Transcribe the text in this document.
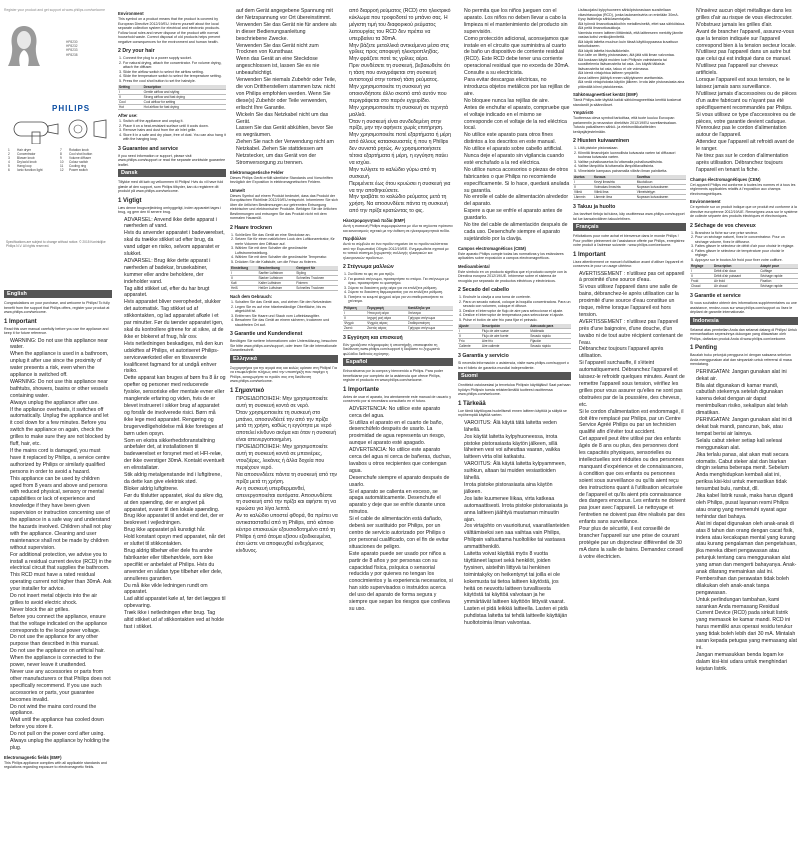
Register your product and get support at www.philips.com/welcome
HP8230
HP8232
HP8233
HP8238
PHILIPS
1	Hair dryer	7	Rotation knob
2	Concentrator	8	Cool shot button
3	Blower knob	9	Volume diffuser
4	Dry/cold knob	10	Colour switch
5	Hang loop	11	Cooling ring
6	Ionic function light	12	Power switch
Specifications are subject to change without notice. © 2015 Koninklijke Philips N.V. All rights reserved.
English

Congratulations on your purchase, and welcome to Philips! To fully benefit from the support that Philips offers, register your product at www.philips.com/welcome.

1 Important

Read this user manual carefully before you use the appliance and keep it for future reference.

• WARNING: Do not use this appliance near water.
• When the appliance is used in a bathroom, unplug it after use since the proximity of water presents a risk, even when the appliance is switched off.
• WARNING: Do not use this appliance near bathtubs, showers, basins or other vessels containing water.
• Always unplug the appliance after use.
• If the appliance overheats, it switches off automatically. Unplug the appliance and let it cool down for a few minutes. Before you switch the appliance on again, check the grilles to make sure they are not blocked by fluff, hair, etc.
• If the mains cord is damaged, you must have it replaced by Philips, a service centre authorized by Philips or similarly qualified persons in order to avoid a hazard.
• This appliance can be used by children aged from 8 years and above and persons with reduced physical, sensory or mental capabilities or lack of experience and knowledge if they have been given supervision or instruction concerning use of the appliance in a safe way and understand the hazards involved. Children shall not play with the appliance. Cleaning and user maintenance shall not be made by children without supervision.
• For additional protection, we advise you to install a residual current device (RCD) in the electrical circuit that supplies the bathroom. This RCD must have a rated residual operating current not higher than 30mA. Ask your installer for advice.
• Do not insert metal objects into the air grilles to avoid electric shock.
• Never block the air grilles.
• Before you connect the appliance, ensure that the voltage indicated on the appliance corresponds to the local power voltage.
• Do not use the appliance for any other purpose than described in this manual.
• Do not use the appliance on artificial hair.
• When the appliance is connected to the power, never leave it unattended.
• Never use any accessories or parts from other manufacturers or that Philips does not specifically recommend. If you use such accessories or parts, your guarantee becomes invalid.
• Do not wind the mains cord round the appliance.
• Wait until the appliance has cooled down before you store it.
• Do not pull on the power cord after using. Always unplug the appliance by holding the plug.
Electromagnetic fields (EMF)

This Philips appliance complies with all applicable standards and regulations regarding exposure to electromagnetic fields.

Environment

This symbol on a product means that the product is covered by European Directive 2012/19/EU. Inform yourself about the local separate collection system for electrical and electronic products. Follow local rules and never dispose of the product with normal household waste. Correct disposal of old products helps prevent negative consequences for the environment and human health.

2 Dry your hair
1. Connect the plug to a power supply socket.
2. For natural drying, attach the concentrator. For volume drying, attach the diffuser.
3. Slide the airflow switch to select the airflow setting.
4. Slide the temperature switch to select the temperature setting.
5. Press the cool shot button to set the hairstyle.
Setting	Description
I	Gentle airflow and styling
II	Strong airflow and fast drying
Cool	Cool airflow for setting
Hot	Hot airflow for fast drying
After use:
1. Switch off the appliance and unplug it.
2. Place it on a heat-resistant surface until it cools down.
3. Remove hairs and dust from the air inlet grille.
4. Store it in a safe and dry place, free of dust. You can also hang it with the hanging loop.
3 Guarantee and service

If you need information or support, please visit www.philips.com/support or read the separate worldwide guarantee leaflet.

Dansk

Tillykke med dit køb og velkommen til Philips! Hvis du vil have fuld glæde af den support, som Philips tilbyder, kan du registrere dit produkt på www.philips.com/welcome.

1 Vigtigt

Læs denne brugsvejledning omhyggeligt, inden apparatet tages i brug, og gem den til senere brug.

• ADVARSEL: Anvend ikke dette apparat i nærheden af vand.
• Hvis du anvender apparatet i badeværelset, skal du trække stikket ud efter brug, da vand udgør en risiko, selvom apparatet er slukket.
• ADVARSEL: Brug ikke dette apparat i nærheden af badekar, brusekabiner, kummer eller andre beholdere, der indeholder vand.
• Tag altid stikket ud, efter du har brugt apparatet.
• Hvis apparatet bliver overophedet, slukker det automatisk. Tag stikket ud af stikkontakten, og lad apparatet afkøle i et par minutter. Før du tænder apparatet igen, skal du kontrollere gitrene for at sikre, at de ikke er blokeret af fnug, hår osv.
• Hvis netledningen beskadiges, må den kun udskiftes af Philips, et autoriseret Philips-serviceværksted eller en tilsvarende kvalificeret fagmand for at undgå enhver risiko.
• Dette apparat kan bruges af børn fra 8 år og opefter og personer med reducerede fysiske, sensoriske eller mentale evner eller manglende erfaring og viden, hvis de er blevet instrueret i sikker brug af apparatet og forstår de involverede risici. Børn må ikke lege med apparatet. Rengøring og brugervedligeholdelse må ikke foretages af børn uden opsyn.
• Som en ekstra sikkerhedsforanstaltning anbefaler det, at installationen til badeværelset er forsynet med et HFI-relæ, der ikke overstiger 30mA. Kontakt eventuelt en elinstallatør.
• Stik aldrig metalgenstande ind i luftgitrene, da dette kan give elektrisk stød.
• Bloker aldrig luftgitrene.
• Før du tilslutter apparatet, skal du sikre dig, at den spænding, der er angivet på apparatet, svarer til den lokale spænding.
• Brug ikke apparatet til andet end det, der er beskrevet i vejledningen.
• Brug ikke apparatet på kunstigt hår.
• Hold konstant opsyn med apparatet, når det er sluttet til stikkontakten.
• Brug aldrig tilbehør eller dele fra andre fabrikanter eller tilbehør/dele, som ikke specifikt er anbefalet af Philips. Hvis du anvender en sådan type tilbehør eller dele, annulleres garantien.
• Du må ikke vikle ledningen rundt om apparatet.
• Lad altid apparatet køle af, før det lægges til opbevaring.
• Træk ikke i netledningen efter brug. Tag altid stikket ud af stikkontakten ved at holde fast i stikket.
• auf dem Gerät angegebene Spannung mit der Netzspannung vor Ort übereinstimmt.
• Verwenden Sie das Gerät nie für andere als in dieser Bedienungsanleitung beschriebene Zwecke.
• Verwenden Sie das Gerät nicht zum Trocknen von Kunsthaar.
• Wenn das Gerät an eine Steckdose angeschlossen ist, lassen Sie es nie unbeaufsichtigt.
• Verwenden Sie niemals Zubehör oder Teile, die von Drittherstellern stammen bzw. nicht von Philips empfohlen werden. Wenn Sie diese(s) Zubehör oder Teile verwenden, erlischt Ihre Garantie.
• Wickeln Sie das Netzkabel nicht um das Gerät.
• Lassen Sie das Gerät abkühlen, bevor Sie es wegräumen.
• Ziehen Sie nach der Verwendung nicht am Netzkabel. Ziehen Sie stattdessen am Netzstecker, um das Gerät von der Stromversorgung zu trennen.
Elektromagnetische Felder

Dieses Philips Gerät erfüllt sämtliche Standards und Vorschriften bezüglich der Exposition in elektromagnetischen Feldern.

Umwelt

Dieses Symbol auf einem Produkt bedeutet, dass das Produkt der Europäischen Richtlinie 2012/19/EU entspricht. Informieren Sie sich über die örtlichen Bestimmungen zur getrennten Entsorgung elektrischer und elektronischer Produkte. Befolgen Sie die örtlichen Bestimmungen und entsorgen Sie das Produkt nicht mit dem normalen Hausmüll.

2 Haare trocknen
1. Schließen Sie das Gerät an eine Steckdose an.
2. Setzen Sie für einen natürlichen Look den Luftkonzentrator, für mehr Volumen den Diffusor auf.
3. Wählen Sie mit dem Schalter die gewünschte Luftstromeinstellung.
4. Wählen Sie mit dem Schalter die gewünschte Temperatur.
5. Drücken Sie die Kaltstufe, um die Frisur zu fixieren.
Einstellung	Beschreibung	Geeignet für
I	Sanfter Luftstrom	Styling
II	Starker Luftstrom	Schnelles Trocknen
Kalt	Kalter Luftstrom	Fixieren
Heiß	Heißer Luftstrom	Schnelles Trocknen
Nach dem Gebrauch:
1. Schalten Sie das Gerät aus, und ziehen Sie den Netzstecker.
2. Legen Sie es auf eine hitzebeständige Oberfläche, bis es abgekühlt ist.
3. Entfernen Sie Haare und Staub vom Lufteinlassgitter.
4. Bewahren Sie das Gerät an einem sicheren, trockenen und staubfreien Ort auf.
3 Garantie und Kundendienst

Benötigen Sie weitere Informationen oder Unterstützung, besuchen Sie bitte www.philips.com/support, oder lesen Sie die internationale Garantieschrift.

Ελληνικά

Συγχαρητήρια για την αγορά σας και καλώς ορίσατε στη Philips! Για να επωφεληθείτε πλήρως από την υποστήριξη που παρέχει η Philips, καταχωρήστε το προϊόν σας στη διεύθυνση www.philips.com/welcome.

1 Σημαντικό
• ΠΡΟΕΙΔΟΠΟΙΗΣΗ: Μην χρησιμοποιείτε αυτή τη συσκευή κοντά σε νερό.
• Όταν χρησιμοποιείτε τη συσκευή στο μπάνιο, αποσυνδέετέ την από την πρίζα μετά τη χρήση, καθώς η εγγύτητα με νερό αποτελεί κίνδυνο ακόμα και όταν η συσκευή είναι απενεργοποιημένη.
• ΠΡΟΕΙΔΟΠΟΙΗΣΗ: Μην χρησιμοποιείτε αυτή τη συσκευή κοντά σε μπανιέρες, ντουζιέρες, λεκάνες ή άλλα δοχεία που περιέχουν νερό.
• Να αποσυνδέετε πάντα τη συσκευή από την πρίζα μετά τη χρήση.
• Αν η συσκευή υπερθερμανθεί, απενεργοποιείται αυτόματα. Αποσυνδέστε τη συσκευή από την πρίζα και αφήστε τη να κρυώσει για λίγα λεπτά.
• Αν το καλώδιο υποστεί φθορά, θα πρέπει να αντικατασταθεί από τη Philips, από κάποιο κέντρο επισκευών εξουσιοδοτημένο από τη Philips ή από άτομα εξίσου εξειδικευμένα, έτσι ώστε να αποφευχθεί ενδεχόμενος κίνδυνος.
• από διαρροή ρεύματος (RCD) στο ηλεκτρικό κύκλωμα που τροφοδοτεί το μπάνιο σας. Η μέγιστη τιμή του διαφορικού ρεύματος λειτουργίας του RCD δεν πρέπει να υπερβαίνει τα 30mA.
• Μην βάζετε μεταλλικά αντικείμενα μέσα στις γρίλιες προς αποφυγή ηλεκτροπληξίας.
• Μην φράζετε ποτέ τις γρίλιες αέρα.
• Πριν συνδέσετε τη συσκευή, βεβαιωθείτε ότι η τάση που αναγράφεται στη συσκευή αντιστοιχεί στην τοπική τάση ρεύματος.
• Μην χρησιμοποιείτε τη συσκευή για οποιονδήποτε άλλο σκοπό από αυτόν που περιγράφεται στο παρόν εγχειρίδιο.
• Μην χρησιμοποιείτε τη συσκευή σε τεχνητά μαλλιά.
• Όταν η συσκευή είναι συνδεδεμένη στην πρίζα, μην την αφήνετε χωρίς επιτήρηση.
• Μην χρησιμοποιείτε ποτέ εξαρτήματα ή μέρη από άλλους κατασκευαστές ή που η Philips δεν συνιστά ρητώς. Αν χρησιμοποιήσετε τέτοια εξαρτήματα ή μέρη, η εγγύηση παύει να ισχύει.
• Μην τυλίγετε το καλώδιο γύρω από τη συσκευή.
• Περιμένετε έως ότου κρυώσει η συσκευή για να την αποθηκεύσετε.
• Μην τραβάτε το καλώδιο ρεύματος μετά τη χρήση. Να αποσυνδέετε πάντα τη συσκευή από την πρίζα κρατώντας το φις.
Ηλεκτρομαγνητικά πεδία (EMF)

Αυτή η συσκευή Philips συμμορφώνεται με όλα τα ισχύοντα πρότυπα και κανονισμούς σχετικά με την έκθεση σε ηλεκτρομαγνητικά πεδία.

Περιβάλλον

Αυτό το σύμβολο σε ένα προϊόν σημαίνει ότι το προϊόν καλύπτεται από την Ευρωπαϊκή Οδηγία 2012/19/ΕΕ. Ενημερωθείτε σχετικά με το τοπικό σύστημα ξεχωριστής συλλογής ηλεκτρικών και ηλεκτρονικών προϊόντων.

2 Στέγνωμα μαλλιών
1. Συνδέστε το φις σε μια πρίζα.
2. Για φυσικό στέγνωμα, προσαρτήστε το στόμιο. Για στέγνωμα με όγκο, προσαρτήστε το φυσητήρα.
3. Σύρετε το διακόπτη ροής αέρα για να επιλέξετε ρύθμιση.
4. Σύρετε το διακόπτη θερμοκρασίας για να επιλέξετε ρύθμιση.
5. Πατήστε το κουμπί ψυχρού αέρα για να σταθεροποιήσετε το χτένισμα.
Ρύθμιση	Περιγραφή	Κατάλληλο για
I	Ήπια ροή αέρα	Χτένισμα
II	Ισχυρή ροή αέρα	Γρήγορο στέγνωμα
Ψυχρό	Ψυχρός αέρας	Σταθεροποίηση
Ζεστό	Ζεστός αέρας	Γρήγορο στέγνωμα
3 Εγγύηση και επισκευή

Εάν χρειάζεστε πληροφορίες ή υποστήριξη, επισκεφτείτε τη διεύθυνση www.philips.com/support ή διαβάστε το ξεχωριστό φυλλάδιο διεθνούς εγγύησης.

Español

Enhorabuena por la compra y bienvenido a Philips. Para poder beneficiarse por completo de la asistencia que ofrece Philips, registre el producto en www.philips.com/welcome.

1 Importante

Antes de usar el aparato, lea atentamente este manual de usuario y consérvelo por si necesitara consultarlo en el futuro.

• ADVERTENCIA: No utilice este aparato cerca del agua.
• Si utiliza el aparato en el cuarto de baño, desenchúfelo después de usarlo. La proximidad de agua representa un riesgo, aunque el aparato esté apagado.
• ADVERTENCIA: No utilice este aparato cerca del agua ni cerca de bañeras, duchas, lavabos u otros recipientes que contengan agua.
• Desenchufe siempre el aparato después de usarlo.
• Si el aparato se calienta en exceso, se apaga automáticamente. Desenchufe el aparato y deje que se enfríe durante unos minutos.
• Si el cable de alimentación está dañado, deberá ser sustituido por Philips, por un centro de servicio autorizado por Philips o por personal cualificado, con el fin de evitar situaciones de peligro.
• Este aparato puede ser usado por niños a partir de 8 años y por personas con su capacidad física, psíquica o sensorial reducida y por quienes no tengan los conocimientos y la experiencia necesarios, si han sido supervisados o instruidos acerca del uso del aparato de forma segura y siempre que sepan los riesgos que conlleva su uso.
• No permita que los niños jueguen con el aparato. Los niños no deben llevar a cabo la limpieza ni el mantenimiento del producto sin supervisión.
• Como protección adicional, aconsejamos que instale en el circuito que suministra al cuarto de baño un dispositivo de corriente residual (RCD). Este RCD debe tener una corriente operacional residual que no exceda de 30mA. Consulte a su electricista.
• Para evitar descargas eléctricas, no introduzca objetos metálicos por las rejillas de aire.
• No bloquee nunca las rejillas de aire.
• Antes de enchufar el aparato, compruebe que el voltaje indicado en el mismo se corresponde con el voltaje de la red eléctrica local.
• No utilice este aparato para otros fines distintos a los descritos en este manual.
• No utilice el aparato sobre cabello artificial.
• Nunca deje el aparato sin vigilancia cuando esté enchufado a la red eléctrica.
• No utilice nunca accesorios o piezas de otros fabricantes o que Philips no recomiende específicamente. Si lo hace, quedará anulada su garantía.
• No enrolle el cable de alimentación alrededor del aparato.
• Espere a que se enfríe el aparato antes de guardarlo.
• No tire del cable de alimentación después de cada uso. Desenchufe siempre el aparato sujetándolo por la clavija.
Campos electromagnéticos (CEM)

Este aparato Philips cumple todas las normativas y los estándares aplicables sobre exposición a campos electromagnéticos.

Medioambiental

Este símbolo en un producto significa que el producto cumple con la Directiva europea 2012/19/UE. Infórmese sobre el sistema de recogida por separado de productos eléctricos y electrónicos.

2 Secado del cabello
1. Enchufe la clavija a una toma de corriente.
2. Para un secado natural, coloque la boquilla concentradora. Para un secado con volumen, coloque el difusor.
3. Deslice el interruptor de flujo de aire para seleccionar el ajuste.
4. Deslice el interruptor de temperatura para seleccionar el ajuste.
5. Pulse el botón de aire frío para fijar el peinado.
Ajuste	Descripción	Adecuado para
I	Flujo de aire suave	Moldeado
II	Flujo de aire fuerte	Secado rápido
Frío	Aire frío	Fijación
Caliente	Aire caliente	Secado rápido
3 Garantía y servicio

Si necesita información o asistencia, visite www.philips.com/support o lea el folleto de garantía mundial independiente.

Suomi

Onnittelut ostoksestasi ja tervetuloa Philipsin käyttäjäksi! Saat parhaan hyödyn Philipsin tuesta rekisteröimällä tuotteesi osoitteessa www.philips.com/welcome.

1 Tärkeää

Lue tämä käyttöopas huolellisesti ennen laitteen käyttöä ja säilytä se myöhempää käyttöä varten.

• VAROITUS: Älä käytä tätä laitetta veden lähellä.
• Jos käytät laitetta kylpyhuoneessa, irrota pistoke pistorasiasta käytön jälkeen, sillä läheinen vesi voi aiheuttaa vaaran, vaikka laitteen virta olisi katkaistu.
• VAROITUS: Älä käytä laitetta kylpyammeen, suihkun, altaan tai muiden vesiastioiden lähellä.
• Irrota pistoke pistorasiasta aina käytön jälkeen.
• Jos laite kuumenee liikaa, virta katkeaa automaattisesti. Irrota pistoke pistorasiasta ja anna laitteen jäähtyä muutaman minuutin ajan.
• Jos virtajohto on vaurioitunut, vaaratilanteiden välttämiseksi sen saa vaihtaa vain Philips, Philipsin valtuuttama huoltoliike tai vastaava ammattihenkilö.
• Laitetta voivat käyttää myös 8 vuotta täyttäneet lapset sekä henkilöt, joiden fyysinen, aisteihin liittyvä tai henkinen toimintakyky on heikentynyt tai joilla ei ole kokemusta tai tietoa laitteen käytöstä, jos heitä on neuvottu laitteen turvallisesta käytöstä tai käyttöä valvotaan ja he ymmärtävät laitteen käyttöön liittyvät vaarat. Lasten ei pidä leikkiä laitteella. Lasten ei pidä puhdistaa laitetta tai tehdä laitteelle käyttäjän huoltotoimia ilman valvontaa.
• Lisäsuojaksi kylpyhuoneen sähköpistorasiaan suositellaan vikavirtasuojaa (RCD), jonka laukeamisvirta on enintään 30mA. Kysy lisätietoja sähköasentajalta.
• Älä työnnä ilmanottoaukkoihin metalliesineitä, ettet saa sähköiskua.
• Älä peitä ilmanottoaukkoja.
• Varmista ennen laitteen liittämistä, että laitteeseen merkitty jännite vastaa kotisi verkkojännitettä.
• Älä käytä laitetta muuhun kuin tässä käyttöoppaassa kuvattuun tarkoitukseen.
• Älä käytä laitetta hiuslisäkkeisiin.
• Kun laite on liitetty pistorasiaan, älä jätä sitä ilman valvontaa.
• Älä koskaan käytä muiden kuin Philipsin valmistamia tai suosittelemia lisävarusteita tai osia. Jos käytät tällaisia lisävarusteita tai osia, takuu ei ole voimassa.
• Älä kierrä virtajohtoa laitteen ympärille.
• Anna laitteen jäähtyä ennen säilytykseen asettamista.
• Älä vedä virtajohdosta käytön jälkeen. Irrota laite pistorasiasta aina pitämällä kiinni pistokkeesta.
Sähkömagneettiset kentät (EMF)

Tämä Philips-laite täyttää kaikki sähkömagneettisia kenttiä koskevat standardit ja säännökset.

Ympäristö

Tuotteessa oleva symboli tarkoittaa, että tuote kuuluu Euroopan parlamentin ja neuvoston direktiivin 2012/19/EU soveltamisalaan. Tutustu paikalliseen sähkö- ja elektroniikkalaitteiden keräysjärjestelmään.

2 Hiusten kuivaaminen
1. Liitä pistoke pistorasiaan.
2. Kiinnitä ilmanohjain luonnollista kuivausta varten tai diffuusori tuuheaa kuivausta varten.
3. Valitse puhallusasetus liu'uttamalla puhallusvalitsinta.
4. Valitse lämpötila liu'uttamalla lämpötilavalitsinta.
5. Viimeistele kampaus painamalla viileän ilman painiketta.
Asetus	Kuvaus	Soveltuu
I	Kevyt ilmavirta	Muotoiluun
II	Voimakas ilmavirta	Nopeaan kuivaukseen
Viileä	Viileä ilma	Viimeistelyyn
Lämmin	Lämmin ilma	Nopeaan kuivaukseen
3 Takuu ja huolto

Jos tarvitset tietoja tai tukea, käy osoitteessa www.philips.com/support tai lue kansainvälinen takuulehtinen.

Français

Félicitations pour votre achat et bienvenue dans le monde Philips ! Pour profiter pleinement de l'assistance offerte par Philips, enregistrez votre produit à l'adresse suivante : www.philips.com/welcome.

1 Important

Lisez attentivement ce manuel d'utilisation avant d'utiliser l'appareil et conservez-le pour un usage ultérieur.

• AVERTISSEMENT : n'utilisez pas cet appareil à proximité d'une source d'eau.
• Si vous utilisez l'appareil dans une salle de bains, débranchez-le après utilisation car la proximité d'une source d'eau constitue un risque, même lorsque l'appareil est hors tension.
• AVERTISSEMENT : n'utilisez pas l'appareil près d'une baignoire, d'une douche, d'un lavabo ni de tout autre récipient contenant de l'eau.
• Débranchez toujours l'appareil après utilisation.
• Si l'appareil surchauffe, il s'éteint automatiquement. Débranchez l'appareil et laissez-le refroidir quelques minutes. Avant de remettre l'appareil sous tension, vérifiez les grilles pour vous assurer qu'elles ne sont pas obstruées par de la poussière, des cheveux, etc.
• Si le cordon d'alimentation est endommagé, il doit être remplacé par Philips, par un Centre Service Agréé Philips ou par un technicien qualifié afin d'éviter tout accident.
• Cet appareil peut être utilisé par des enfants âgés de 8 ans ou plus, des personnes dont les capacités physiques, sensorielles ou intellectuelles sont réduites ou des personnes manquant d'expérience et de connaissances, à condition que ces enfants ou personnes soient sous surveillance ou qu'ils aient reçu des instructions quant à l'utilisation sécurisée de l'appareil et qu'ils aient pris connaissance des dangers encourus. Les enfants ne doivent pas jouer avec l'appareil. Le nettoyage et l'entretien ne doivent pas être réalisés par des enfants sans surveillance.
• Pour plus de sécurité, il est conseillé de brancher l'appareil sur une prise de courant protégée par un disjoncteur différentiel de 30 mA dans la salle de bains. Demandez conseil à votre électricien.
• N'insérez aucun objet métallique dans les grilles d'air au risque de vous électrocuter.
• N'obstruez jamais les grilles d'air.
• Avant de brancher l'appareil, assurez-vous que la tension indiquée sur l'appareil correspond bien à la tension secteur locale.
• N'utilisez pas l'appareil dans un autre but que celui qui est indiqué dans ce manuel.
• N'utilisez pas l'appareil sur cheveux artificiels.
• Lorsque l'appareil est sous tension, ne le laissez jamais sans surveillance.
• N'utilisez jamais d'accessoires ou de pièces d'un autre fabricant ou n'ayant pas été spécifiquement recommandés par Philips. Si vous utilisez ce type d'accessoires ou de pièces, votre garantie devient caduque.
• N'enroulez pas le cordon d'alimentation autour de l'appareil.
• Attendez que l'appareil ait refroidi avant de le ranger.
• Ne tirez pas sur le cordon d'alimentation après utilisation. Débranchez toujours l'appareil en tenant la fiche.
Champs électromagnétiques (CEM)

Cet appareil Philips est conforme à toutes les normes et à tous les règlements applicables relatifs à l'exposition aux champs électromagnétiques.

Environnement

Ce symbole sur un produit indique que ce produit est conforme à la directive européenne 2012/19/UE. Renseignez-vous sur le système de collecte séparée des produits électriques et électroniques.

2 Séchage de vos cheveux
1. Branchez la fiche sur une prise secteur.
2. Pour un séchage naturel, fixez le concentrateur. Pour un séchage volume, fixez le diffuseur.
3. Faites glisser le sélecteur de débit d'air pour choisir le réglage.
4. Faites glisser le sélecteur de température pour choisir le réglage.
5. Appuyez sur le bouton Air froid pour fixer votre coiffure.
Réglage	Description	Adapté pour
I	Débit d'air doux	Coiffage
II	Débit d'air puissant	Séchage rapide
Froid	Air froid	Fixation
Chaud	Air chaud	Séchage rapide
3 Garantie et service

Si vous souhaitez obtenir des informations supplémentaires ou une assistance, rendez-vous sur www.philips.com/support ou lisez le dépliant de garantie internationale.

Indonesia

Selamat atas pembelian Anda dan selamat datang di Philips! Untuk memanfaatkan sepenuhnya dukungan yang ditawarkan oleh Philips, daftarkan produk Anda di www.philips.com/welcome.

1 Penting

Bacalah buku petunjuk pengguna ini dengan saksama sebelum Anda menggunakan alat dan simpanlah untuk referensi di masa mendatang.

• PERINGATAN: Jangan gunakan alat ini dekat air.
• Bila alat digunakan di kamar mandi, cabutlah stekernya setelah digunakan karena dekat dengan air dapat menimbulkan risiko, sekalipun alat telah dimatikan.
• PERINGATAN: Jangan gunakan alat ini di dekat bak mandi, pancuran, bak, atau tempat berisi air lainnya.
• Selalu cabut steker setiap kali selesai menggunakan alat.
• Jika terlalu panas, alat akan mati secara otomatis. Cabut steker alat dan biarkan dingin selama beberapa menit. Sebelum Anda menghidupkan kembali alat ini, periksa kisi-kisi untuk memastikan tidak tersumbat bulu, rambut, dll.
• Jika kabel listrik rusak, maka harus diganti oleh Philips, pusat layanan resmi Philips atau orang yang memenuhi syarat agar terhindar dari bahaya.
• Alat ini dapat digunakan oleh anak-anak di atas 8 tahun dan orang dengan cacat fisik, indera atau kecakapan mental yang kurang atau kurang pengalaman dan pengetahuan, jika mereka diberi pengawasan atau petunjuk tentang cara menggunakan alat yang aman dan mengerti bahayanya. Anak-anak dilarang memainkan alat ini. Pembersihan dan perawatan tidak boleh dilakukan oleh anak-anak tanpa pengawasan.
• Untuk perlindungan tambahan, kami sarankan Anda memasang Residual Current Device (RCD) pada sirkuit listrik yang memasok ke kamar mandi. RCD ini harus memiliki arus operasi residu terukur yang tidak boleh lebih dari 30 mA. Mintalah saran kepada petugas yang memasang alat ini.
• Jangan memasukkan benda logam ke dalam kisi-kisi udara untuk menghindari kejutan listrik.
